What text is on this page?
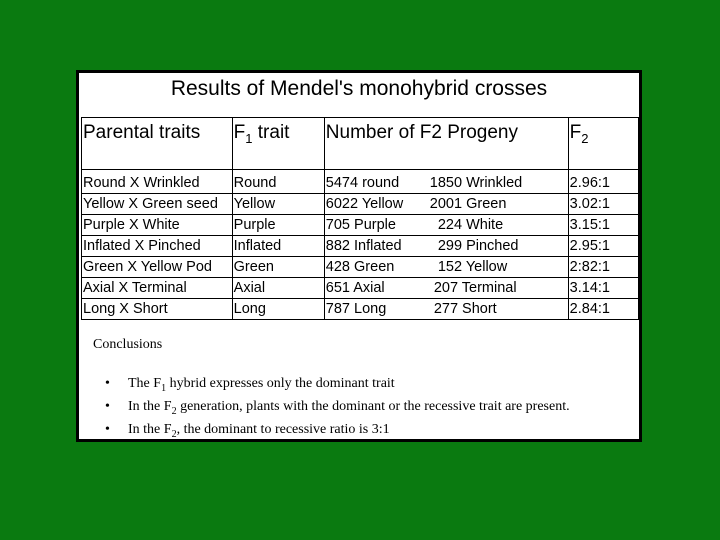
Results of Mendel's monohybrid crosses
Parental traits	$F_1$ trait	Number of F2 Progeny	$F_2$
Round X Wrinkled	Round	5474 round 1850 Wrinkled	2.96:1
Yellow X Green seed	Yellow	6022 Yellow 2001 Green	3.02:1
Purple X White	Purple	705 Purple 224 White	3.15:1
Inflated X Pinched	Inflated	882 Inflated 299 Pinched	2.95:1
Green X Yellow Pod	Green	428 Green 152 Yellow	2:82:1
Axial X Terminal	Axial	651 Axial 207 Terminal	3.14:1
Long X Short	Long	787 Long 277 Short	2.84:1
Conclusions
• The $F_1$ hybrid expresses only the dominant trait
• In the $F_2$ generation, plants with the dominant or the recessive trait are present.
• In the $F_2$, the dominant to recessive ratio is 3:1
